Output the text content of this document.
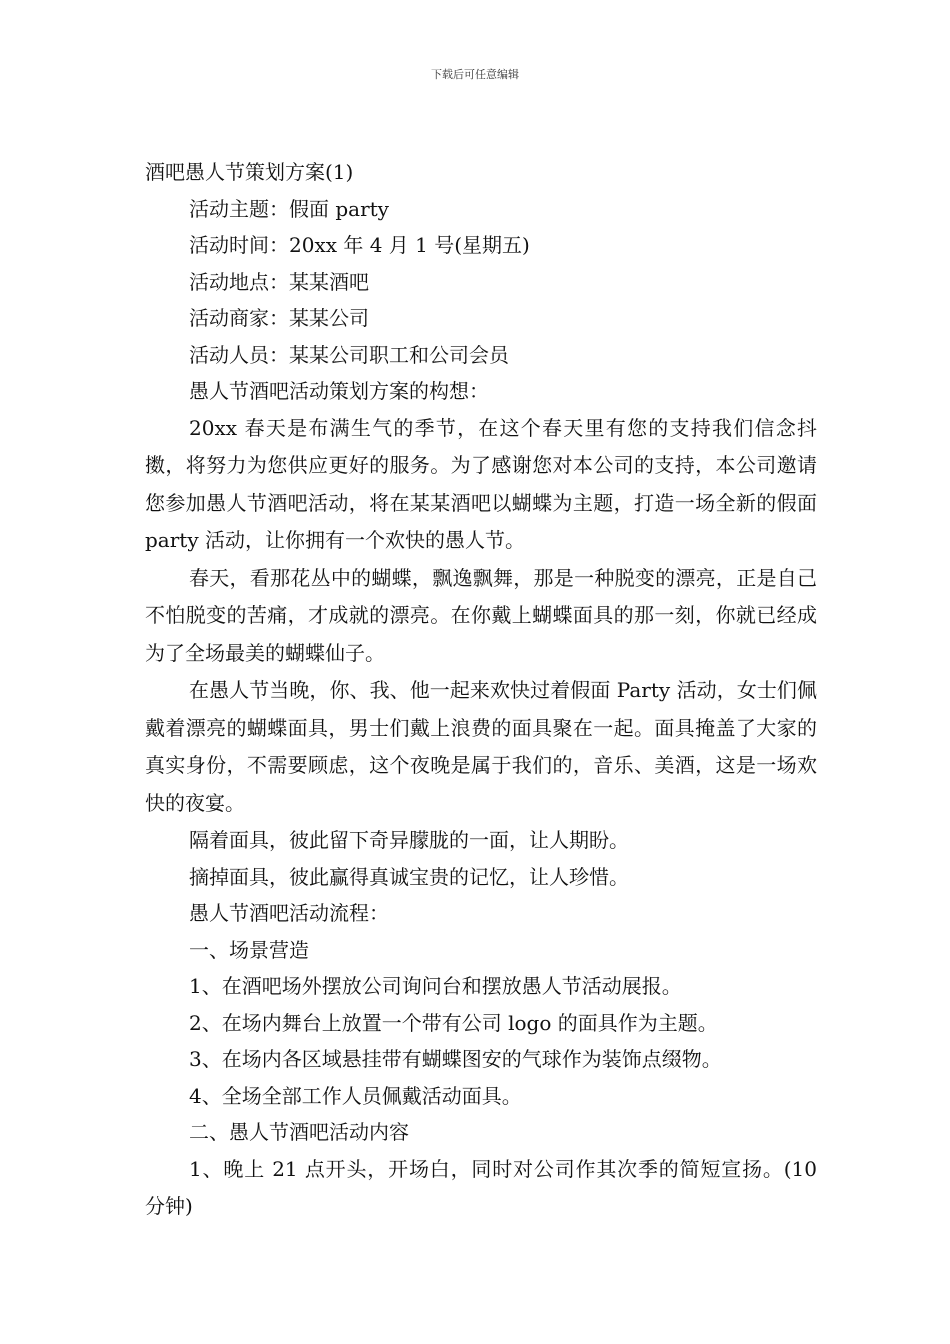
下载后可任意编辑
酒吧愚人节策划方案(1)
活动主题：假面 party
活动时间：20xx 年 4 月 1 号(星期五)
活动地点：某某酒吧
活动商家：某某公司
活动人员：某某公司职工和公司会员
愚人节酒吧活动策划方案的构想：
20xx 春天是布满生气的季节，在这个春天里有您的支持我们信念抖擞，将努力为您供应更好的服务。为了感谢您对本公司的支持，本公司邀请您参加愚人节酒吧活动，将在某某酒吧以蝴蝶为主题，打造一场全新的假面 party 活动，让你拥有一个欢快的愚人节。
春天，看那花丛中的蝴蝶，飘逸飘舞，那是一种脱变的漂亮，正是自己不怕脱变的苦痛，才成就的漂亮。在你戴上蝴蝶面具的那一刻，你就已经成为了全场最美的蝴蝶仙子。
在愚人节当晚，你、我、他一起来欢快过着假面 Party 活动，女士们佩戴着漂亮的蝴蝶面具，男士们戴上浪费的面具聚在一起。面具掩盖了大家的真实身份，不需要顾虑，这个夜晚是属于我们的，音乐、美酒，这是一场欢快的夜宴。
隔着面具，彼此留下奇异朦胧的一面，让人期盼。
摘掉面具，彼此赢得真诚宝贵的记忆，让人珍惜。
愚人节酒吧活动流程：
一、场景营造
1、在酒吧场外摆放公司询问台和摆放愚人节活动展报。
2、在场内舞台上放置一个带有公司 logo 的面具作为主题。
3、在场内各区域悬挂带有蝴蝶图安的气球作为装饰点缀物。
4、全场全部工作人员佩戴活动面具。
二、愚人节酒吧活动内容
1、晚上 21 点开头，开场白，同时对公司作其次季的简短宣扬。(10 分钟)
